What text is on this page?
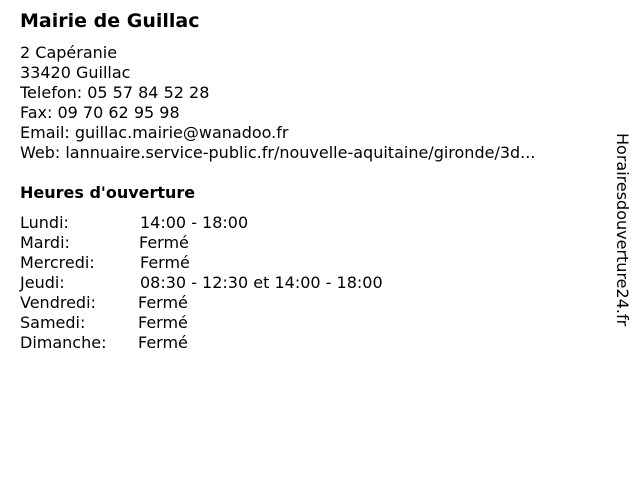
Mairie de Guillac
2 Capéranie
33420 Guillac
Telefon: 05 57 84 52 28
Fax: 09 70 62 95 98
Email: guillac.mairie@wanadoo.fr
Web: lannuaire.service-public.fr/nouvelle-aquitaine/gironde/3d...
Heures d'ouverture
Lundi:	14:00 - 18:00
Mardi:	Fermé
Mercredi:	Fermé
Jeudi:	08:30 - 12:30 et 14:00 - 18:00
Vendredi:	Fermé
Samedi:	Fermé
Dimanche: Fermé
Horairesdouverture24.fr
